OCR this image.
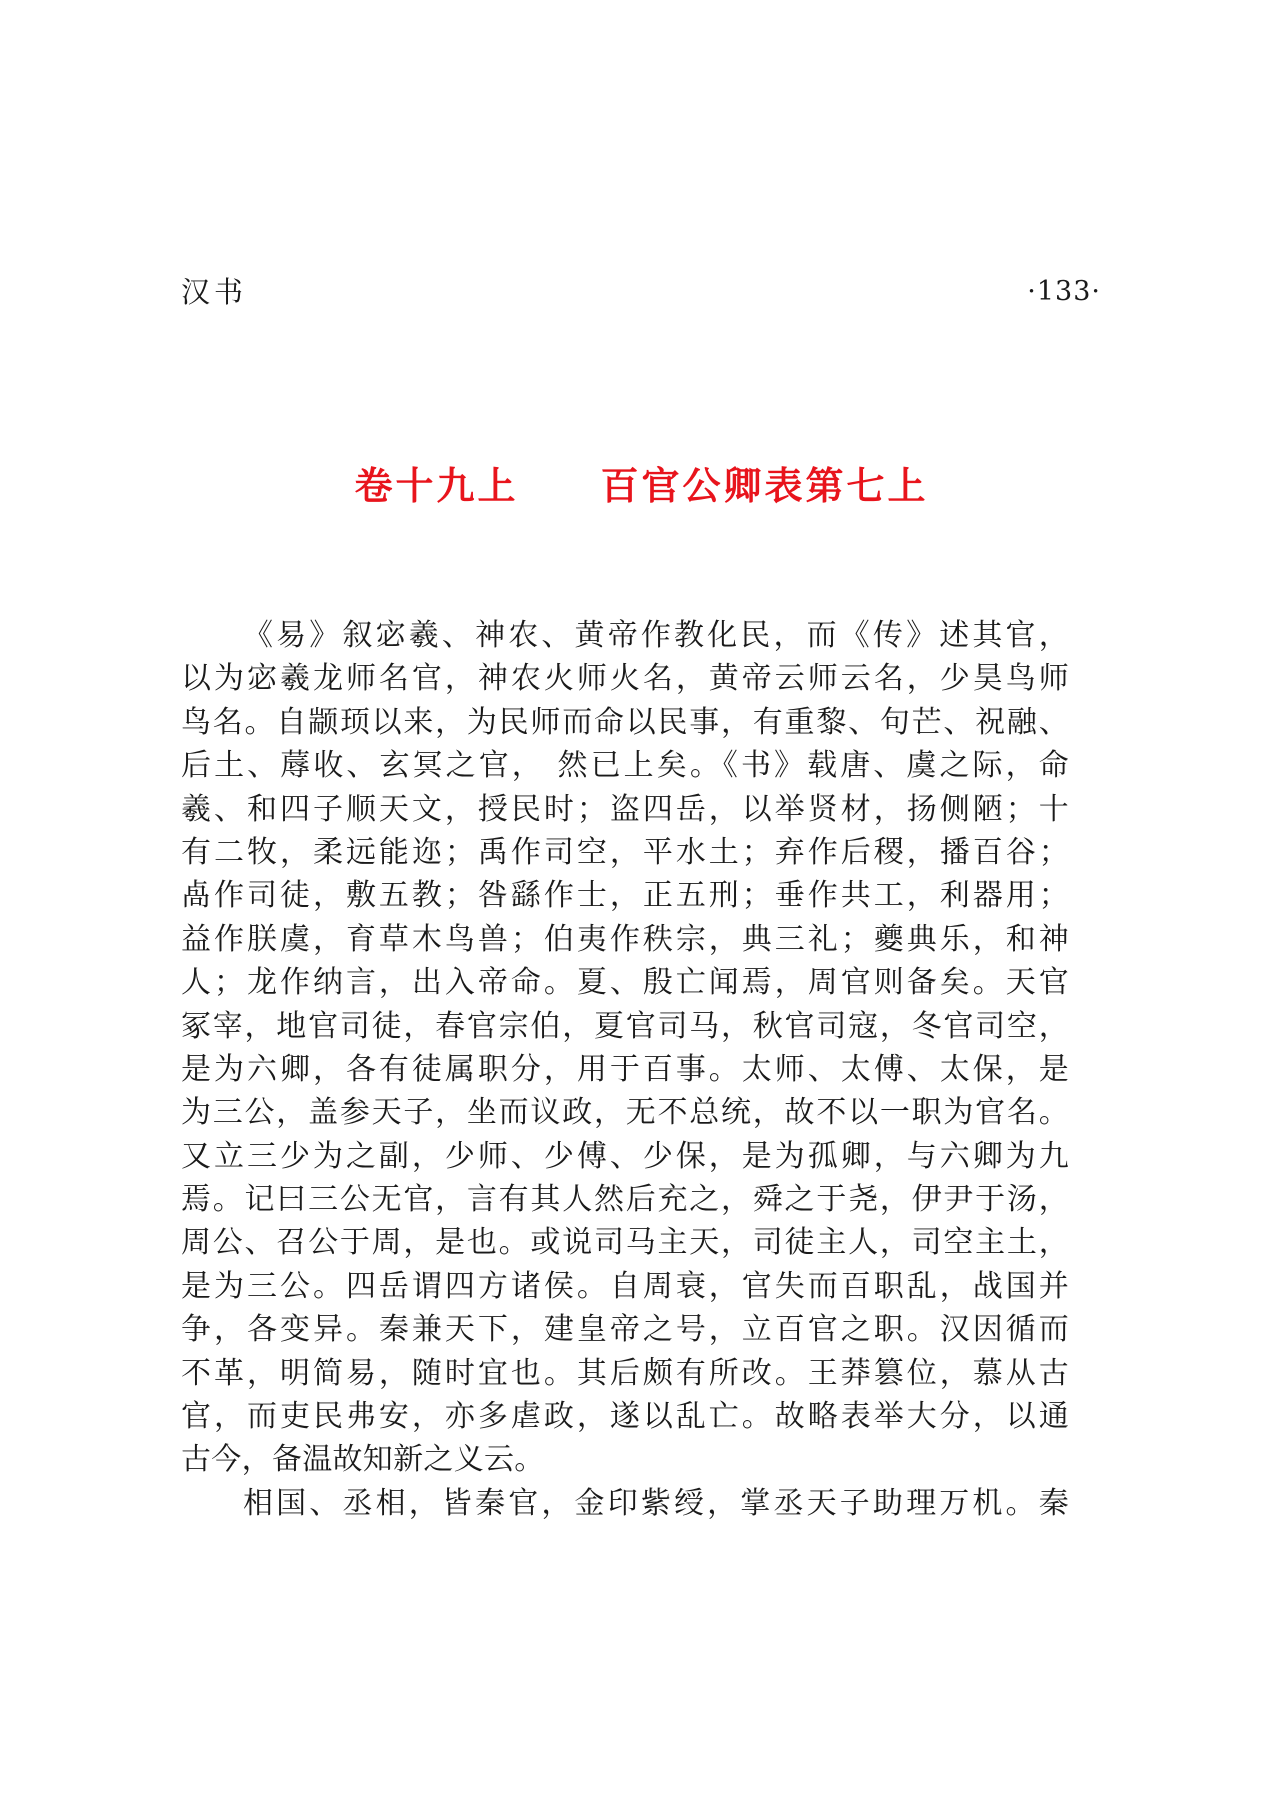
汉书	·133·
卷十九上 百官公卿表第七上
《易》叙宓羲、神农、黄帝作教化民，而《传》述其官，
以为宓羲龙师名官，神农火师火名，黄帝云师云名，少昊鸟师
鸟名。自颛顼以来，为民师而命以民事，有重黎、句芒、祝融、
后土、蓐收、玄冥之官， 然已上矣。《书》载唐、虞之际，命
羲、和四子顺天文，授民时；盗四岳，以举贤材，扬侧陋；十
有二牧，柔远能迩；禹作司空，平水土；弃作后稷，播百谷；
卨作司徒，敷五教；咎繇作士，正五刑；垂作共工，利器用；
益作朕虞，育草木鸟兽；伯夷作秩宗，典三礼；夔典乐，和神
人；龙作纳言，出入帝命。夏、殷亡闻焉，周官则备矣。天官
冢宰，地官司徒，春官宗伯，夏官司马，秋官司寇，冬官司空，
是为六卿，各有徒属职分，用于百事。太师、太傅、太保，是
为三公，盖参天子，坐而议政，无不总统，故不以一职为官名。
又立三少为之副，少师、少傅、少保，是为孤卿，与六卿为九
焉。记曰三公无官，言有其人然后充之，舜之于尧，伊尹于汤，
周公、召公于周，是也。或说司马主天，司徒主人，司空主土，
是为三公。四岳谓四方诸侯。自周衰，官失而百职乱，战国并
争，各变异。秦兼天下，建皇帝之号，立百官之职。汉因循而
不革，明简易，随时宜也。其后颇有所改。王莽篡位，慕从古
官，而吏民弗安，亦多虐政，遂以乱亡。故略表举大分，以通
古今，备温故知新之义云。
相国、丞相，皆秦官，金印紫绶，掌丞天子助理万机。秦
